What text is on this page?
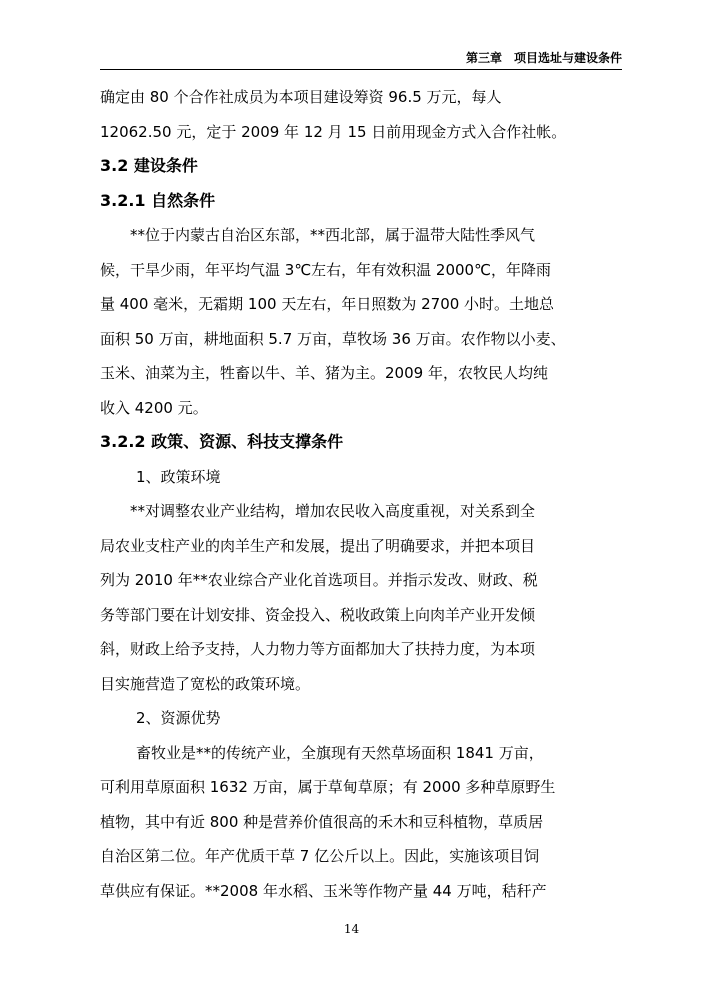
第三章　项目选址与建设条件
确定由 80 个合作社成员为本项目建设筹资 96.5 万元，每人
12062.50 元，定于 2009 年 12 月 15 日前用现金方式入合作社帐。
3.2 建设条件
3.2.1 自然条件
**位于内蒙古自治区东部，**西北部，属于温带大陆性季风气
候，干旱少雨，年平均气温 3℃左右，年有效积温 2000℃，年降雨
量 400 毫米，无霜期 100 天左右，年日照数为 2700 小时。土地总
面积 50 万亩，耕地面积 5.7 万亩，草牧场 36 万亩。农作物以小麦、
玉米、油菜为主，牲畜以牛、羊、猪为主。2009 年，农牧民人均纯
收入 4200 元。
3.2.2 政策、资源、科技支撑条件
1、政策环境
**对调整农业产业结构，增加农民收入高度重视，对关系到全
局农业支柱产业的肉羊生产和发展，提出了明确要求，并把本项目
列为 2010 年**农业综合产业化首选项目。并指示发改、财政、税
务等部门要在计划安排、资金投入、税收政策上向肉羊产业开发倾
斜，财政上给予支持，人力物力等方面都加大了扶持力度，为本项
目实施营造了宽松的政策环境。
2、资源优势
畜牧业是**的传统产业，全旗现有天然草场面积 1841 万亩，
可利用草原面积 1632 万亩，属于草甸草原；有 2000 多种草原野生
植物，其中有近 800 种是营养价值很高的禾木和豆科植物，草质居
自治区第二位。年产优质干草 7 亿公斤以上。因此，实施该项目饲
草供应有保证。**2008 年水稻、玉米等作物产量 44 万吨，秸秆产
14
